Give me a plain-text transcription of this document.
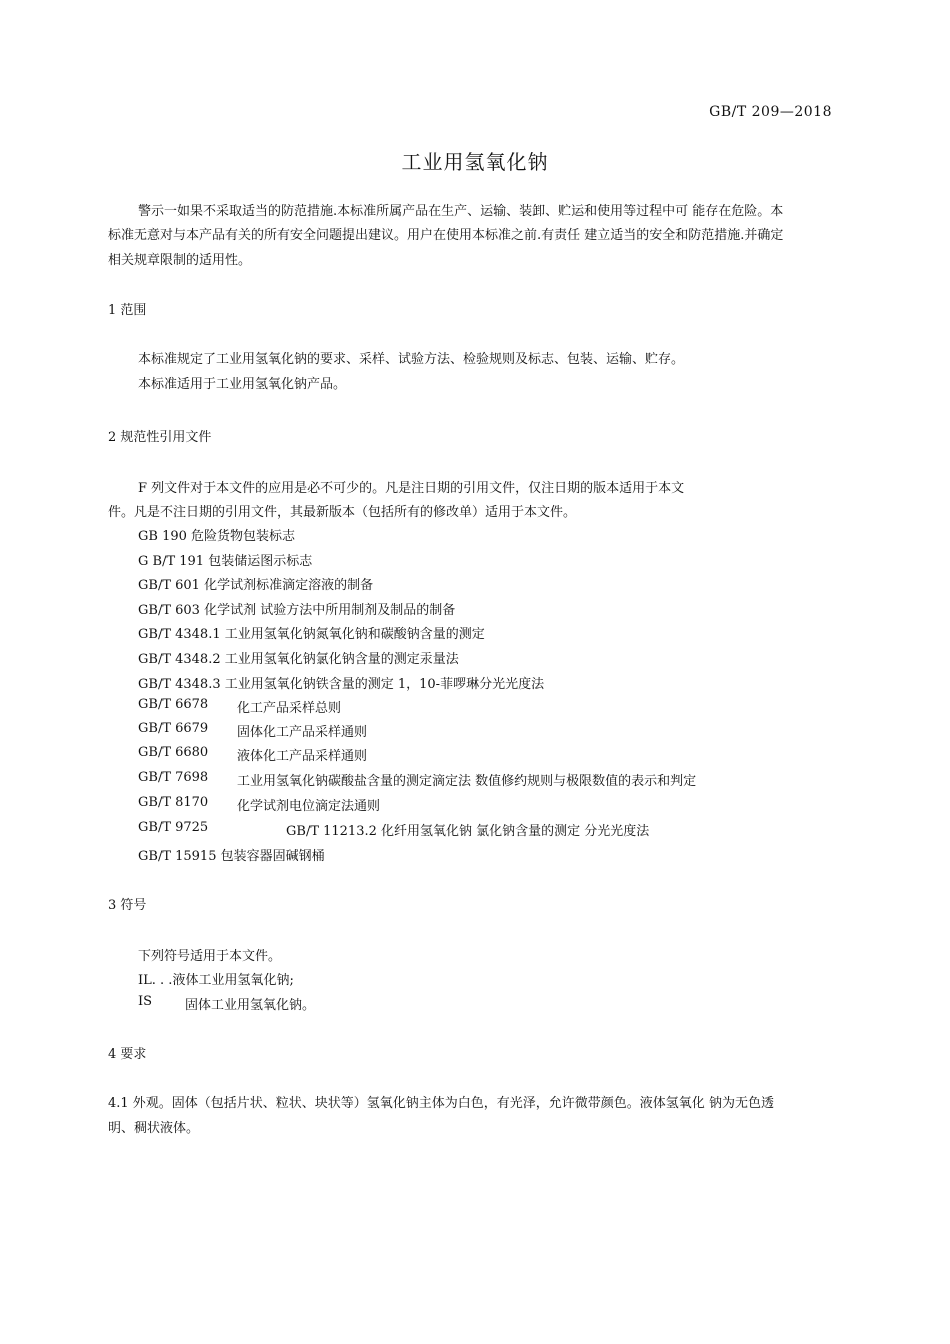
GB/T 209—2018
工业用氢氧化钠
警示一如果不采取适当的防范措施.本标准所属产品在生产、运输、装卸、贮运和使用等过程中可 能存在危险。本
标准无意对与本产品有关的所有安全问题提出建议。用户在使用本标准之前.有责任 建立适当的安全和防范措施.并确定
相关规章限制的适用性。
1 范围
本标准规定了工业用氢氧化钠的要求、采样、试验方法、检验规则及标志、包装、运输、贮存。
本标准适用于工业用氢氧化钠产品。
2 规范性引用文件
F 列文件对于本文件的应用是必不可少的。凡是注日期的引用文件，仅注日期的版本适用于本文
件。凡是不注日期的引用文件，其最新版本（包括所有的修改单）适用于本文件。
GB 190 危险货物包装标志
G B/T 191 包装储运图示标志
GB/T 601 化学试剂标准滴定溶液的制备
GB/T 603 化学试剂 试验方法中所用制剂及制品的制备
GB/T 4348.1 工业用氢氧化钠氮氧化钠和碳酸钠含量的测定
GB/T 4348.2 工业用氢氧化钠氯化钠含量的测定汞量法
GB/T 4348.3 工业用氢氧化钠铁含量的测定 1，10-菲啰琳分光光度法
GB/T 6678 化工产品采样总则
GB/T 6679 固体化工产品采样通则
GB/T 6680 液体化工产品采样通则
GB/T 7698 工业用氢氧化钠碳酸盐含量的测定滴定法 数值修约规则与极限数值的表示和判定
GB/T 8170 化学试剂电位滴定法通则
GB/T 9725	GB/T 11213.2 化纤用氢氧化钠 氯化钠含量的测定 分光光度法
GB/T 15915 包装容器固碱钢桶
3 符号
下列符号适用于本文件。
IL. . .液体工业用氢氧化钠;
IS	固体工业用氢氧化钠。
4 要求
4.1 外观。固体（包括片状、粒状、块状等）氢氧化钠主体为白色，有光泽，允许微带颜色。液体氢氧化 钠为无色透
明、稠状液体。
